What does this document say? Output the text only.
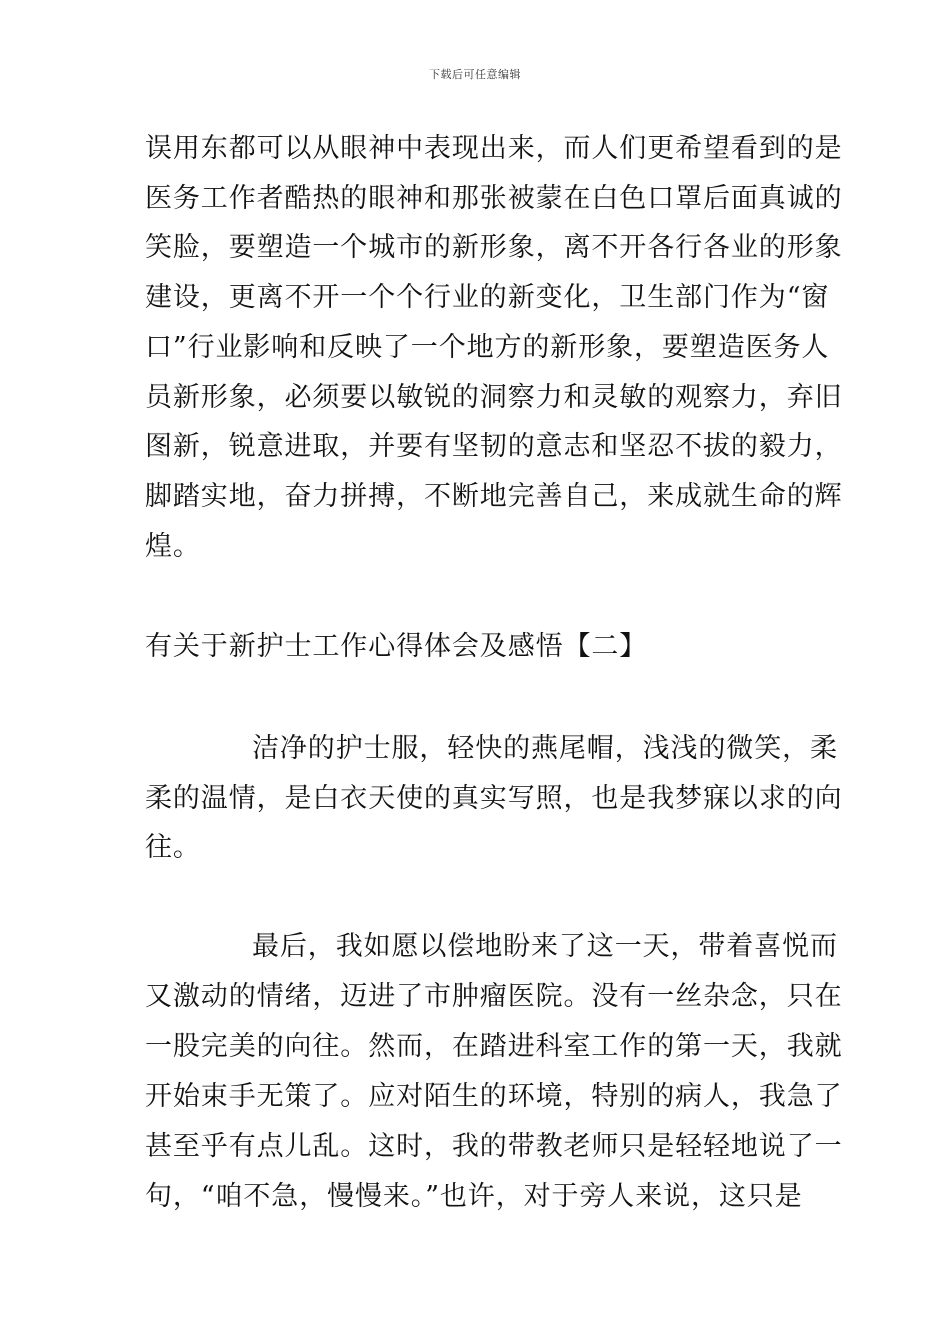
下载后可任意编辑
误用东都可以从眼神中表现出来，而人们更希望看到的是
医务工作者酷热的眼神和那张被蒙在白色口罩后面真诚的
笑脸，要塑造一个城市的新形象，离不开各行各业的形象
建设，更离不开一个个行业的新变化，卫生部门作为“窗
口”行业影响和反映了一个地方的新形象，要塑造医务人
员新形象，必须要以敏锐的洞察力和灵敏的观察力，弃旧
图新，锐意进取，并要有坚韧的意志和坚忍不拔的毅力，
脚踏实地，奋力拼搏，不断地完善自己，来成就生命的辉
煌。
有关于新护士工作心得体会及感悟【二】
洁净的护士服，轻快的燕尾帽，浅浅的微笑，柔
柔的温情，是白衣天使的真实写照，也是我梦寐以求的向
往。
最后，我如愿以偿地盼来了这一天，带着喜悦而
又激动的情绪，迈进了市肿瘤医院。没有一丝杂念，只在
一股完美的向往。然而，在踏进科室工作的第一天，我就
开始束手无策了。应对陌生的环境，特别的病人，我急了
甚至乎有点儿乱。这时，我的带教老师只是轻轻地说了一
句，“咱不急，慢慢来。”也许，对于旁人来说，这只是
